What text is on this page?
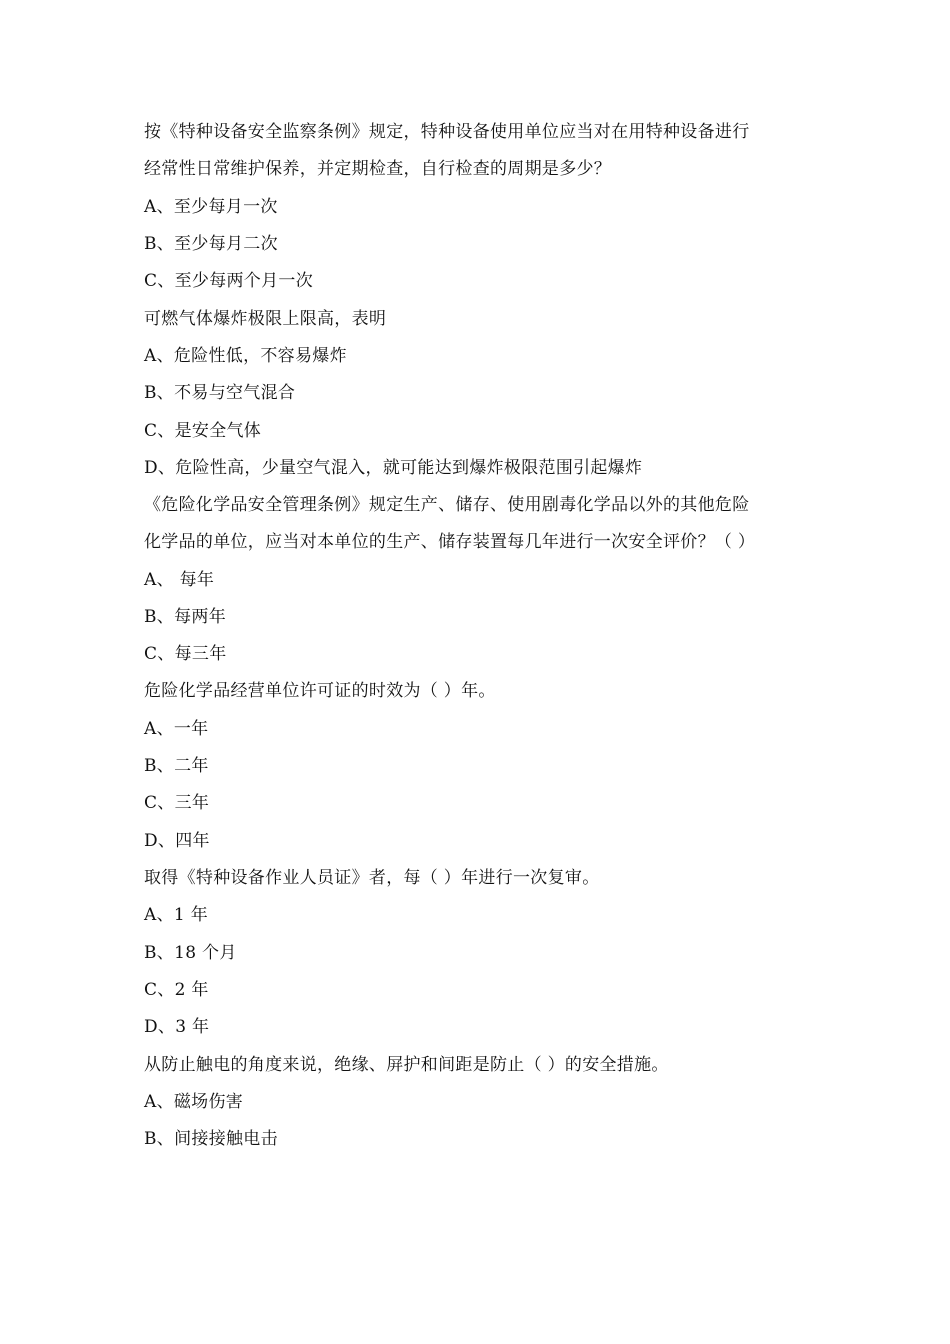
按《特种设备安全监察条例》规定，特种设备使用单位应当对在用特种设备进行
经常性日常维护保养，并定期检查，自行检查的周期是多少？
A、至少每月一次
B、至少每月二次
C、至少每两个月一次
可燃气体爆炸极限上限高，表明
A、危险性低，不容易爆炸
B、不易与空气混合
C、是安全气体
D、危险性高，少量空气混入，就可能达到爆炸极限范围引起爆炸
《危险化学品安全管理条例》规定生产、储存、使用剧毒化学品以外的其他危险
化学品的单位，应当对本单位的生产、储存装置每几年进行一次安全评价？（ ）
A、 每年
B、每两年
C、每三年
危险化学品经营单位许可证的时效为（ ）年。
A、一年
B、二年
C、三年
D、四年
取得《特种设备作业人员证》者，每（ ）年进行一次复审。
A、1 年
B、18 个月
C、2 年
D、3 年
从防止触电的角度来说，绝缘、屏护和间距是防止（ ）的安全措施。
A、磁场伤害
B、间接接触电击
